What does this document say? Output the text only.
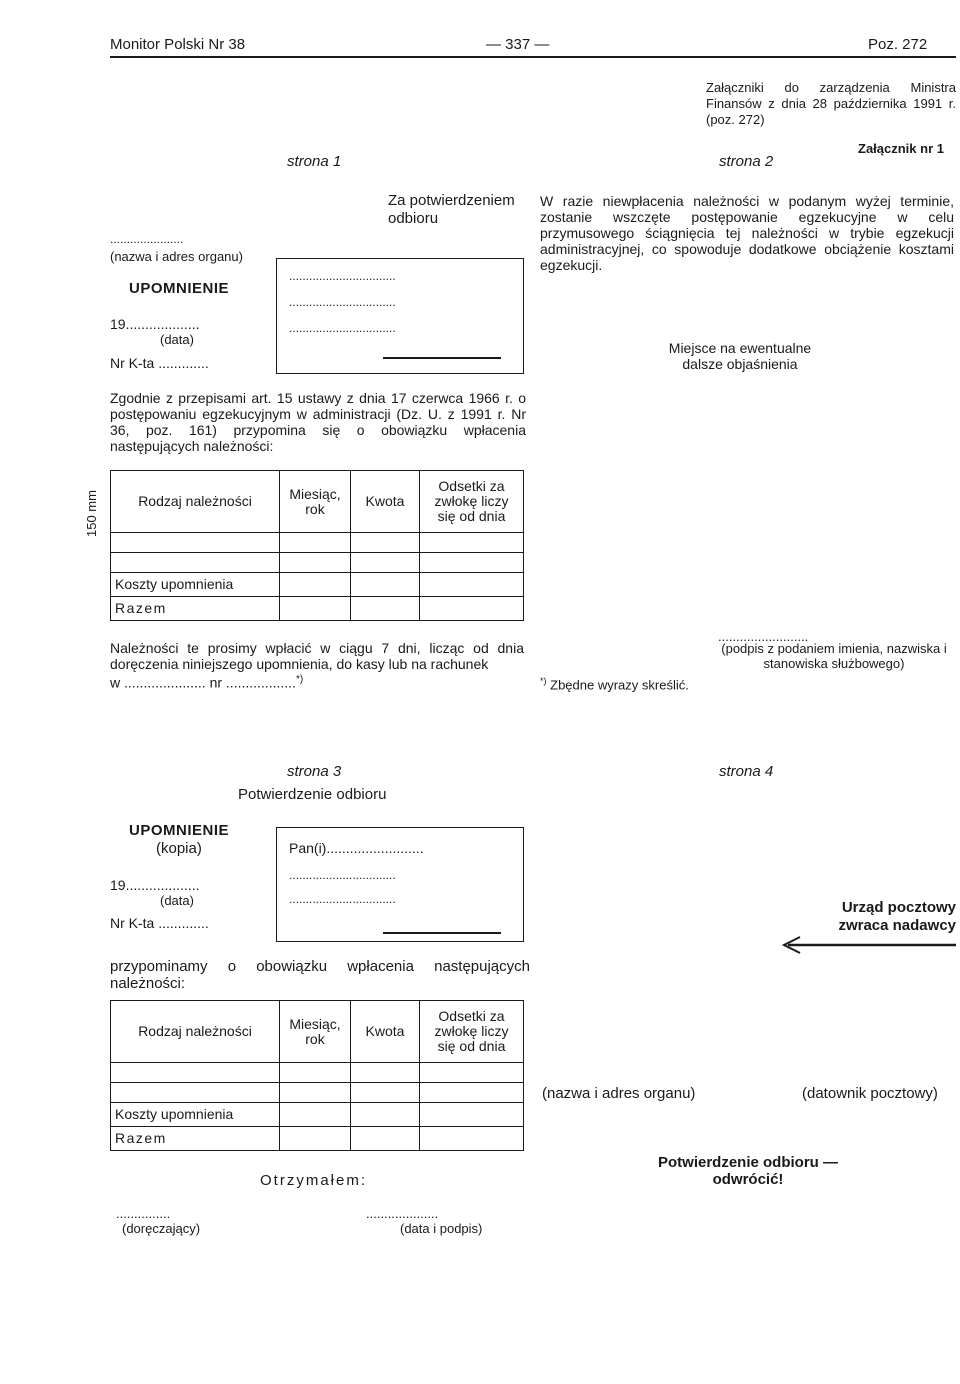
Monitor Polski Nr 38	— 337 —	Poz. 272
Załączniki do zarządzenia Ministra Finansów z dnia 28 października 1991 r. (poz. 272)
Załącznik nr 1
strona 1
......................
(nazwa i adres organu)
UPOMNIENIE
19...................
(data)
Nr K-ta .............
Za potwierdzeniem odbioru
................................
................................
................................
Zgodnie z przepisami art. 15 ustawy z dnia 17 czerwca 1966 r. o postępowaniu egzekucyjnym w administracji (Dz. U. z 1991 r. Nr 36, poz. 161) przypomina się o obowiązku wpłacenia następujących należności:
150 mm	Rodzaj należności	Miesiąc, rok	Kwota	Odsetki za zwłokę liczy się od dnia

Koszty upomnienia			
Razem			
Należności te prosimy wpłacić w ciągu 7 dni, licząc od dnia doręczenia niniejszego upomnienia, do kasy lub na rachunek
w ..................... nr ..................*)
strona 2
W razie niewpłacenia należności w podanym wyżej terminie, zostanie wszczęte postępowanie egzekucyjne w celu przymusowego ściągnięcia tej należności w trybie egzekucji administracyjnej, co spowoduje dodatkowe obciążenie kosztami egzekucji.
Miejsce na ewentualne dalsze objaśnienia
*) Zbędne wyrazy skreślić.
.........................
(podpis z podaniem imienia, nazwiska i stanowiska służbowego)
strona 3
Potwierdzenie odbioru
UPOMNIENIE
(kopia)
19...................
(data)
Nr K-ta .............
Pan(i).........................
................................
................................
przypominamy o obowiązku wpłacenia następujących należności:
Rodzaj należności	Miesiąc, rok	Kwota	Odsetki za zwłokę liczy się od dnia

Koszty upomnienia			
Razem			
Otrzymałem:
...............
(doręczający)
....................
(data i podpis)
strona 4
Urząd pocztowy zwraca nadawcy
(nazwa i adres organu)	(datownik pocztowy)
Potwierdzenie odbioru — odwrócić!
